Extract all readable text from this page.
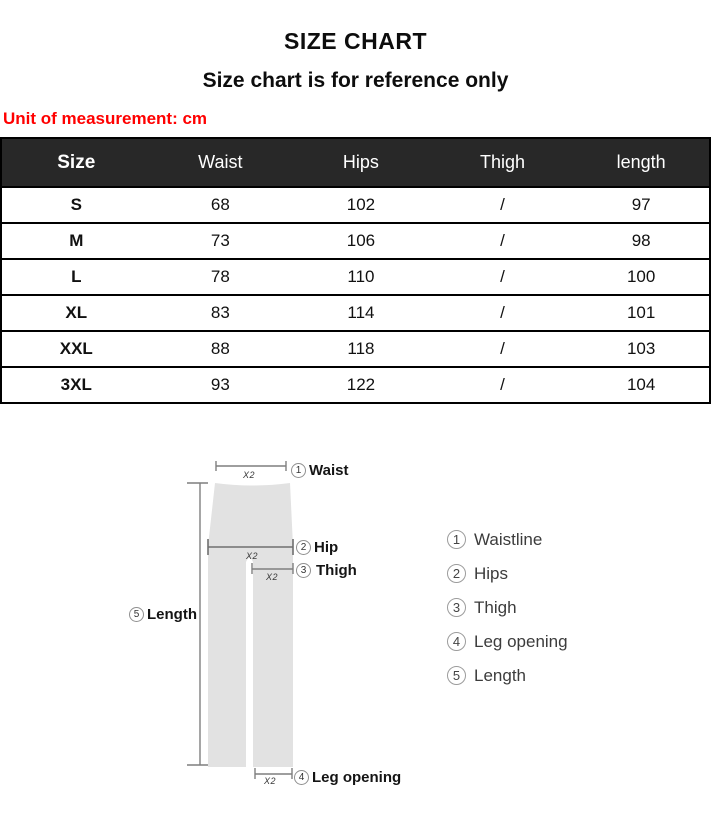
SIZE CHART
Size chart is for reference only
Unit of measurement: cm
Size	Waist	Hips	Thigh	length
S	68	102	/	97
M	73	106	/	98
L	78	110	/	100
XL	83	114	/	101
XXL	88	118	/	103
3XL	93	122	/	104
X2
X2
X2
X2
1 Waist
2 Hip
3 Thigh
5 Length
4 Leg opening
1 Waistline
2 Hips
3 Thigh
4 Leg opening
5 Length
